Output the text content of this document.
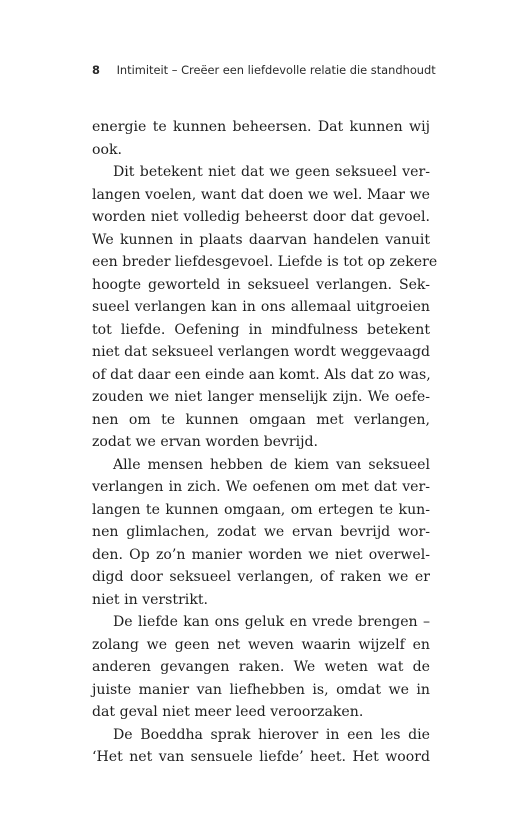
8 Intimiteit – Creëer een liefdevolle relatie die standhoudt
energie te kunnen beheersen. Dat kunnen wij
ook.
Dit betekent niet dat we geen seksueel ver-
langen voelen, want dat doen we wel. Maar we
worden niet volledig beheerst door dat gevoel.
We kunnen in plaats daarvan handelen vanuit
een breder liefdesgevoel. Liefde is tot op zekere
hoogte geworteld in seksueel verlangen. Sek-
sueel verlangen kan in ons allemaal uitgroeien
tot liefde. Oefening in mindfulness betekent
niet dat seksueel verlangen wordt weggevaagd
of dat daar een einde aan komt. Als dat zo was,
zouden we niet langer menselijk zijn. We oefe-
nen om te kunnen omgaan met verlangen,
zodat we ervan worden bevrijd.
Alle mensen hebben de kiem van seksueel
verlangen in zich. We oefenen om met dat ver-
langen te kunnen omgaan, om ertegen te kun-
nen glimlachen, zodat we ervan bevrijd wor-
den. Op zo’n manier worden we niet overwel-
digd door seksueel verlangen, of raken we er
niet in verstrikt.
De liefde kan ons geluk en vrede brengen –
zolang we geen net weven waarin wijzelf en
anderen gevangen raken. We weten wat de
juiste manier van liefhebben is, omdat we in
dat geval niet meer leed veroorzaken.
De Boeddha sprak hierover in een les die
‘Het net van sensuele liefde’ heet. Het woord
